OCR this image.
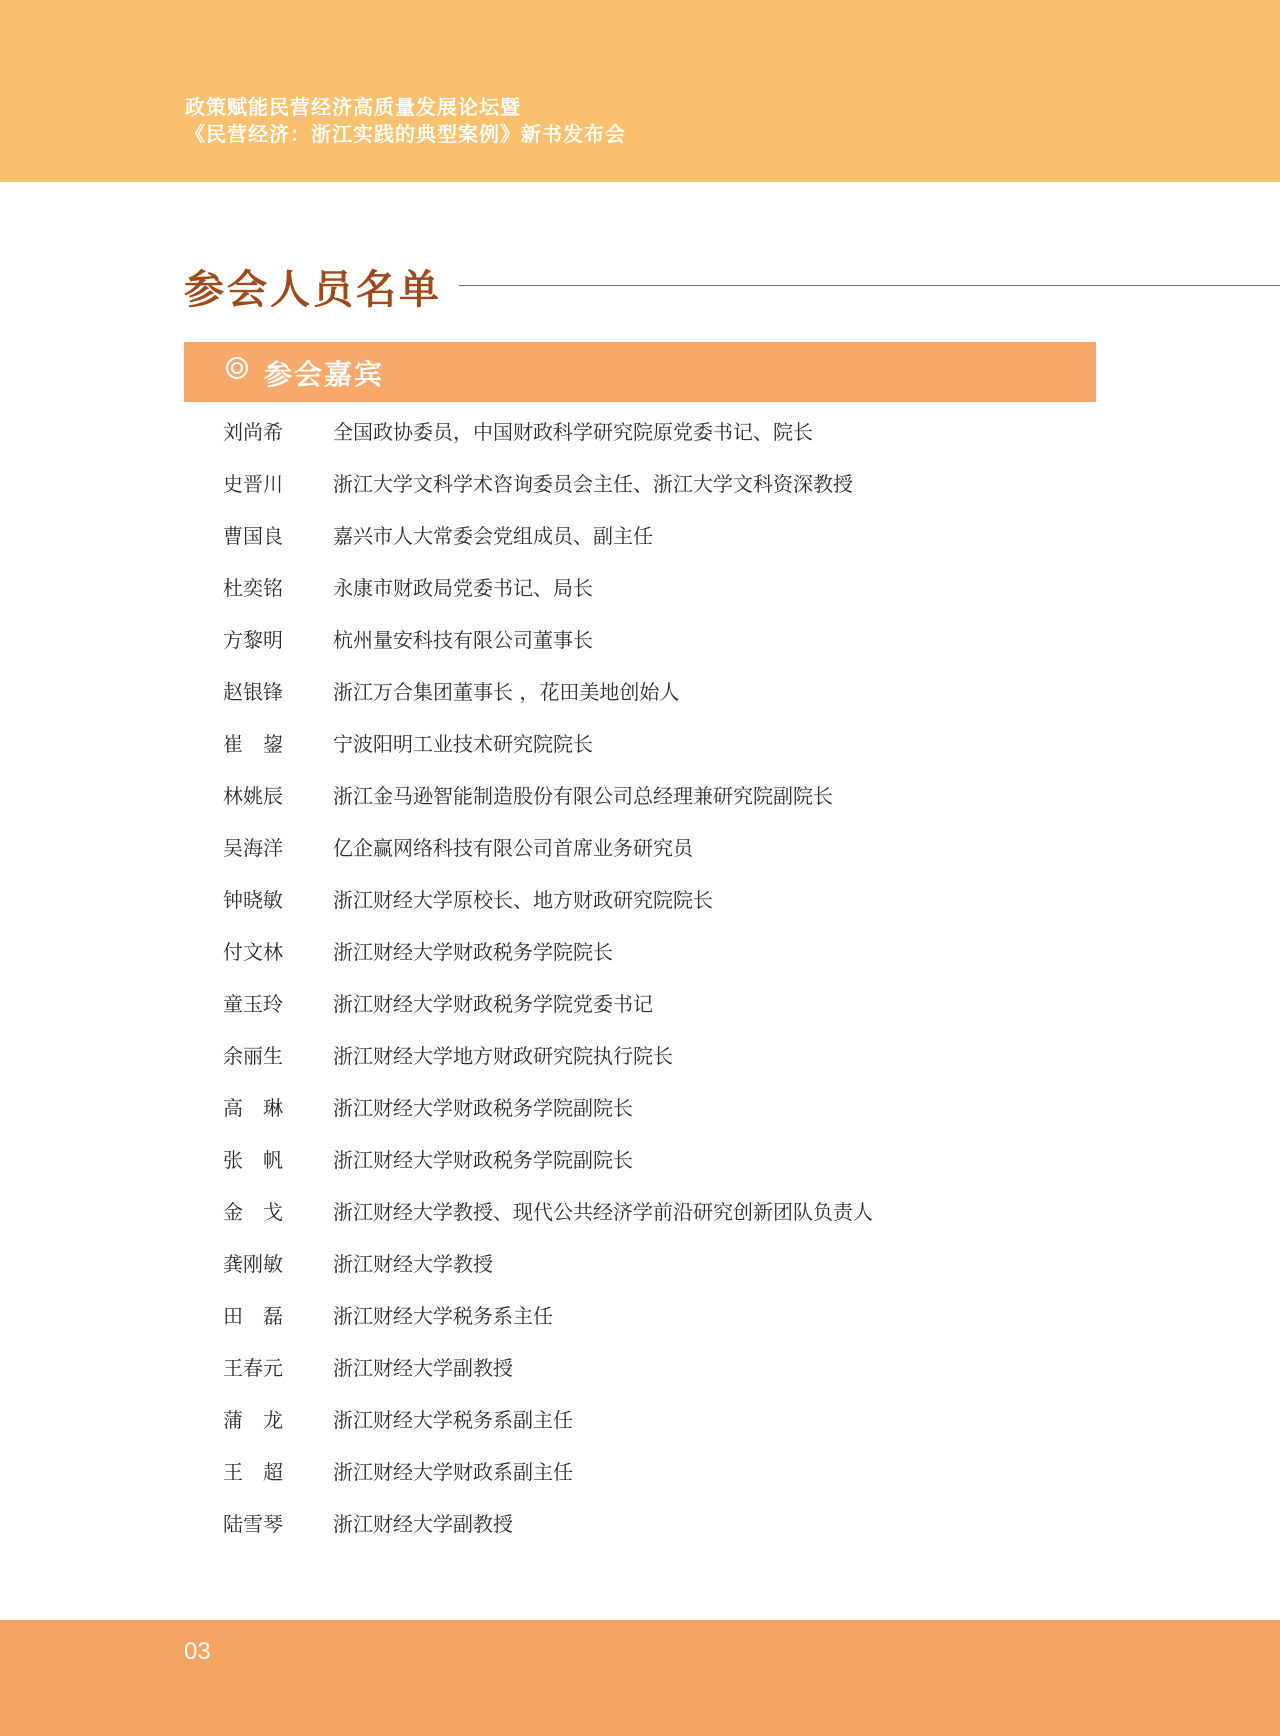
政策赋能民营经济高质量发展论坛暨
《民营经济：浙江实践的典型案例》新书发布会
参会人员名单
参会嘉宾
刘尚希	全国政协委员，中国财政科学研究院原党委书记、院长
史晋川	浙江大学文科学术咨询委员会主任、浙江大学文科资深教授
曹国良	嘉兴市人大常委会党组成员、副主任
杜奕铭	永康市财政局党委书记、局长
方黎明	杭州量安科技有限公司董事长
赵银锋	浙江万合集团董事长 ，花田美地创始人
崔鋆 宁波阳明工业技术研究院院长
林姚辰	浙江金马逊智能制造股份有限公司总经理兼研究院副院长
吴海洋	亿企赢网络科技有限公司首席业务研究员
钟晓敏	浙江财经大学原校长、地方财政研究院院长
付文林	浙江财经大学财政税务学院院长
童玉玲	浙江财经大学财政税务学院党委书记
余丽生	浙江财经大学地方财政研究院执行院长
高琳 浙江财经大学财政税务学院副院长
张帆 浙江财经大学财政税务学院副院长
金戈 浙江财经大学教授、现代公共经济学前沿研究创新团队负责人
龚刚敏	浙江财经大学教授
田磊 浙江财经大学税务系主任
王春元	浙江财经大学副教授
蒲龙 浙江财经大学税务系副主任
王超 浙江财经大学财政系副主任
陆雪琴	浙江财经大学副教授
03
